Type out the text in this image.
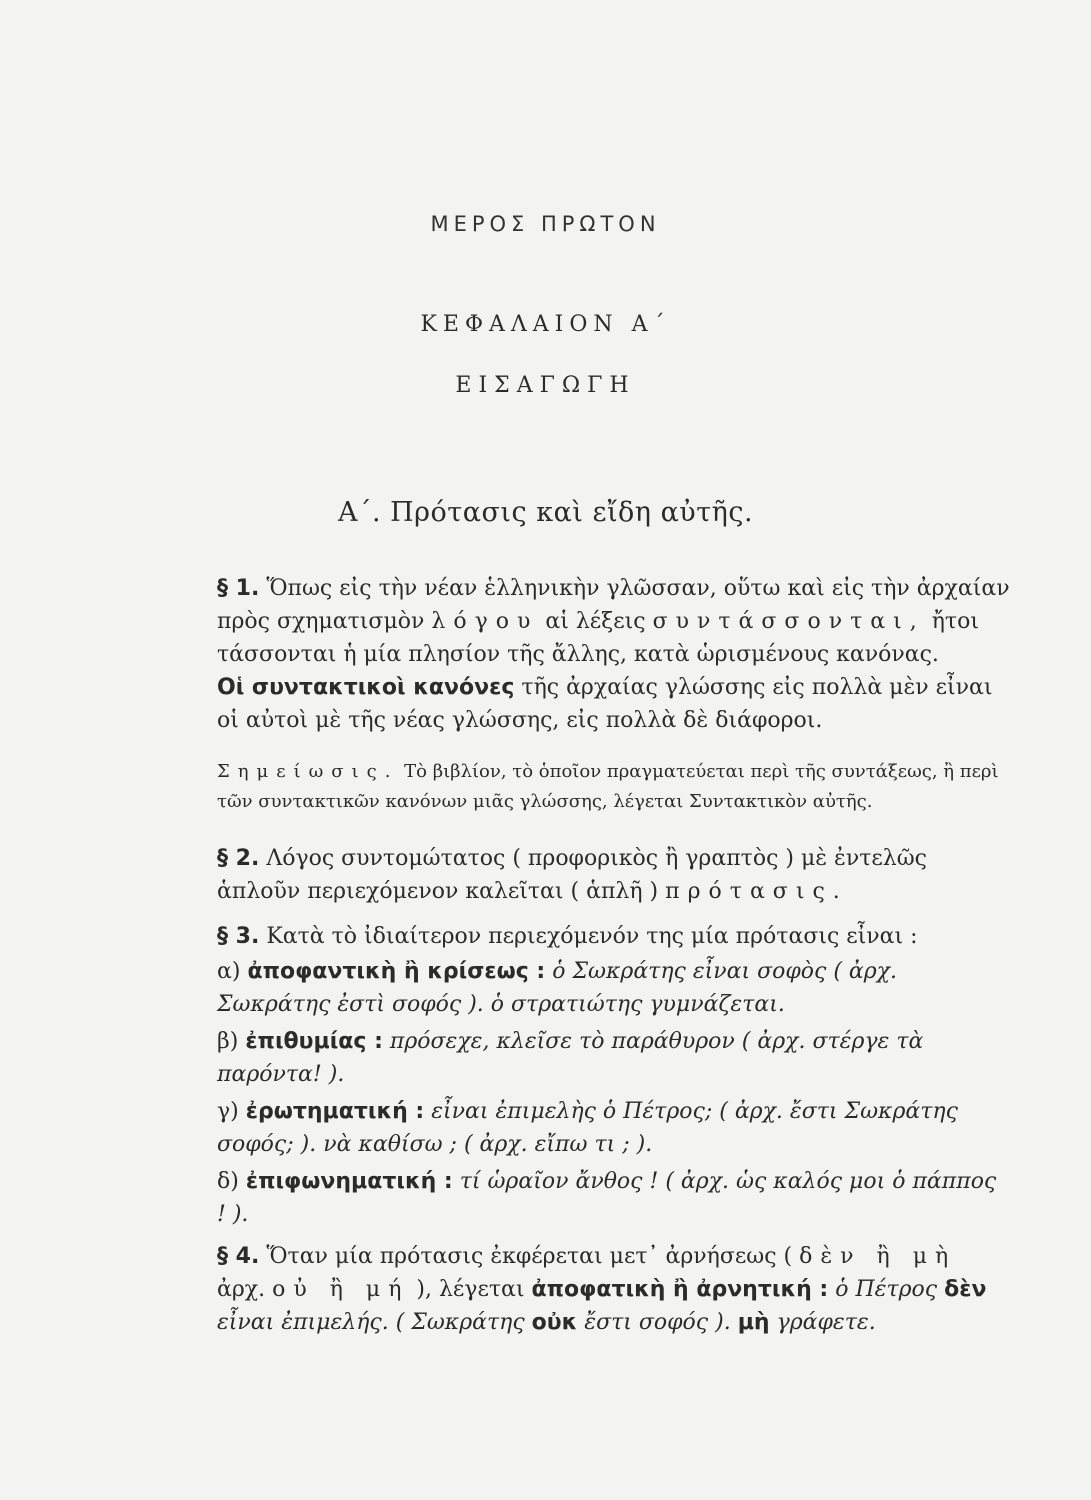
ΜΕΡΟΣ ΠΡΩΤΟΝ
ΚΕΦΑΛΑΙΟΝ Α΄
ΕΙΣΑΓΩΓΗ
Α΄. Πρότασις καὶ εἴδη αὐτῆς.

§ 1. Ὅπως εἰς τὴν νέαν ἑλληνικὴν γλῶσσαν, οὕτω καὶ εἰς τὴν ἀρχαίαν πρὸς σχηματισμὸν λόγου αἱ λέξεις συντάσσονται, ἤτοι τάσσονται ἡ μία πλησίον τῆς ἄλλης, κατὰ ὡρισμένους κανόνας.

Οἱ συντακτικοὶ κανόνες τῆς ἀρχαίας γλώσσης εἰς πολλὰ μὲν εἶναι οἱ αὐτοὶ μὲ τῆς νέας γλώσσης, εἰς πολλὰ δὲ διάφοροι.

Σημείωσις. Τὸ βιβλίον, τὸ ὁποῖον πραγματεύεται περὶ τῆς συντάξεως, ἢ περὶ τῶν συντακτικῶν κανόνων μιᾶς γλώσσης, λέγεται Συντακτικὸν αὐτῆς.

§ 2. Λόγος συντομώτατος ( προφορικὸς ἢ γραπτὸς ) μὲ ἐντελῶς ἁπλοῦν περιεχόμενον καλεῖται ( ἁπλῆ ) πρότασις.

§ 3. Κατὰ τὸ ἰδιαίτερον περιεχόμενόν της μία πρότασις εἶναι :

α) ἀποφαντικὴ ἢ κρίσεως : ὁ Σωκράτης εἶναι σοφὸς ( ἀρχ. Σωκράτης ἐστὶ σοφός ). ὁ στρατιώτης γυμνάζεται.

β) ἐπιθυμίας : πρόσεχε, κλεῖσε τὸ παράθυρον ( ἀρχ. στέργε τὰ παρόντα! ).

γ) ἐρωτηματική : εἶναι ἐπιμελὴς ὁ Πέτρος; ( ἀρχ. ἔστι Σωκράτης σοφός; ). νὰ καθίσω ; ( ἀρχ. εἴπω τι ; ).

δ) ἐπιφωνηματική : τί ὡραῖον ἄνθος ! ( ἀρχ. ὡς καλός μοι ὁ πάππος ! ).

§ 4. Ὅταν μία πρότασις ἐκφέρεται μετ᾽ ἀρνήσεως ( δὲν ἢ μὴ ἀρχ. οὐ ἢ μή ), λέγεται ἀποφατικὴ ἢ ἀρνητική : ὁ Πέτρος δὲν εἶναι ἐπιμελής. ( Σωκράτης οὐκ ἔστι σοφός ). μὴ γράφετε.
